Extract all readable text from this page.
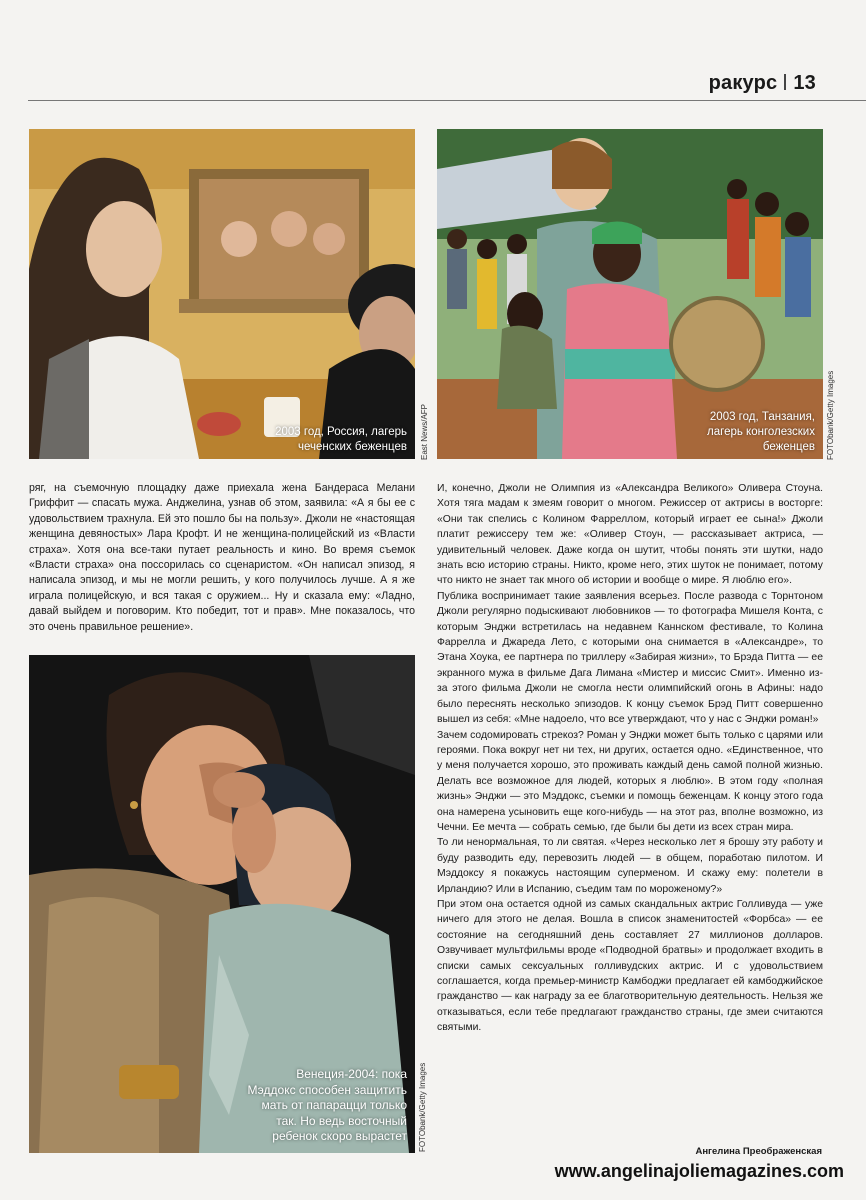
ракурс 13
2003 год, Россия, лагерь
чеченских беженцев East News/AFP	2003 год, Танзания,
лагерь конголезских
беженцев FOTObank/Getty Images

ряг, на съемочную площадку даже приехала жена Бандераса Мелани Гриффит — спасать мужа. Анджелина, узнав об этом, заявила: «А я бы ее с удовольствием трахнула. Ей это пошло бы на пользу». Джоли не «настоящая женщина девяностых» Лара Крофт. И не женщина-полицейский из «Власти страха». Хотя она все-таки путает реальность и кино. Во время съемок «Власти страха» она поссорилась со сценаристом. «Он написал эпизод, я написала эпизод, и мы не могли решить, у кого получилось лучше. А я же играла полицейскую, и вся такая с оружием... Ну и сказала ему: «Ладно, давай выйдем и поговорим. Кто победит, тот и прав». Мне показалось, что это очень правильное решение».

Венеция-2004: пока
Мэддокс способен защитить
мать от папарацци только
так. Но ведь восточный
ребенок скоро вырастет FOTObank/Getty Images

И, конечно, Джоли не Олимпия из «Александра Великого» Оливера Стоуна. Хотя тяга мадам к змеям говорит о многом. Режиссер от актрисы в восторге: «Они так спелись с Колином Фарреллом, который играет ее сына!» Джоли платит режиссеру тем же: «Оливер Стоун, — рассказывает актриса, — удивительный человек. Даже когда он шутит, чтобы понять эти шутки, надо знать всю историю страны. Никто, кроме него, этих шуток не понимает, потому что никто не знает так много об истории и вообще о мире. Я люблю его».

Публика воспринимает такие заявления всерьез. После развода с Торнтоном Джоли регулярно подыскивают любовников — то фотографа Мишеля Конта, с которым Энджи встретилась на недавнем Каннском фестивале, то Колина Фаррелла и Джареда Лето, с которыми она снимается в «Александре», то Этана Хоука, ее партнера по триллеру «Забирая жизни», то Брэда Питта — ее экранного мужа в фильме Дага Лимана «Мистер и миссис Смит». Именно из-за этого фильма Джоли не смогла нести олимпийский огонь в Афины: надо было переснять несколько эпизодов. К концу съемок Брэд Питт совершенно вышел из себя: «Мне надоело, что все утверждают, что у нас с Энджи роман!»

Зачем содомировать стрекоз? Роман у Энджи может быть только с царями или героями. Пока вокруг нет ни тех, ни других, остается одно. «Единственное, что у меня получается хорошо, это проживать каждый день самой полной жизнью. Делать все возможное для людей, которых я люблю». В этом году «полная жизнь» Энджи — это Мэддокс, съемки и помощь беженцам. К концу этого года она намерена усыновить еще кого-нибудь — на этот раз, вполне возможно, из Чечни. Ее мечта — собрать семью, где были бы дети из всех стран мира.

То ли ненормальная, то ли святая. «Через несколько лет я брошу эту работу и буду разводить еду, перевозить людей — в общем, поработаю пилотом. И Мэддоксу я покажусь настоящим суперменом. И скажу ему: полетели в Ирландию? Или в Испанию, съедим там по мороженому?»

При этом она остается одной из самых скандальных актрис Голливуда — уже ничего для этого не делая. Вошла в список знаменитостей «Форбса» — ее состояние на сегодняшний день составляет 27 миллионов долларов. Озвучивает мультфильмы вроде «Подводной братвы» и продолжает входить в списки самых сексуальных голливудских актрис. И с удовольствием соглашается, когда премьер-министр Камбоджи предлагает ей камбоджийское гражданство — как награду за ее благотворительную деятельность. Нельзя же отказываться, если тебе предлагают гражданство страны, где змеи считаются святыми.

Ангелина Преображенская
www.angelinajoliemagazines.com
